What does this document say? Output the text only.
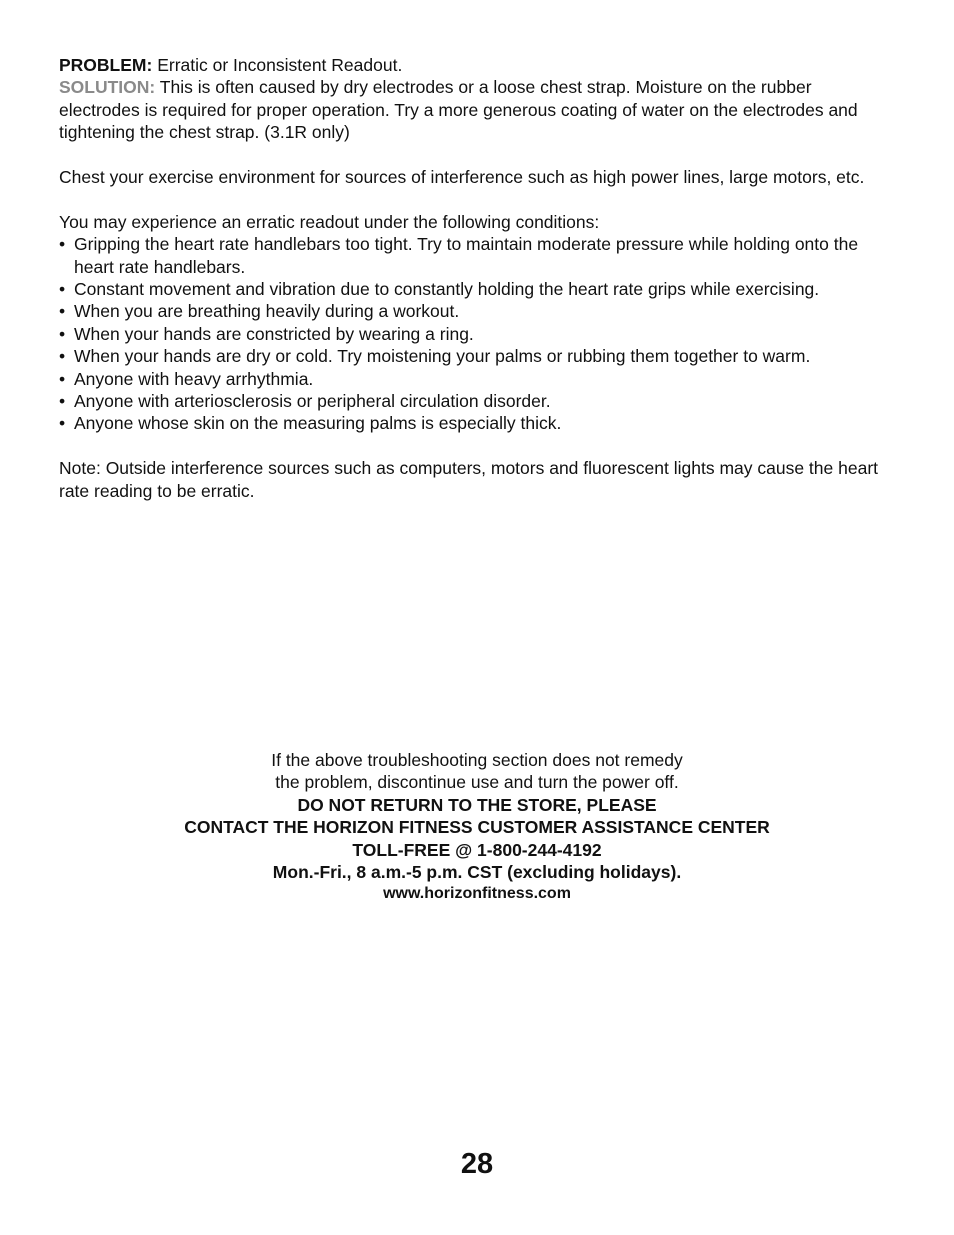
PROBLEM: Erratic or Inconsistent Readout.

SOLUTION: This is often caused by dry electrodes or a loose chest strap. Moisture on the rubber electrodes is required for proper operation. Try a more generous coating of water on the electrodes and tightening the chest strap. (3.1R only)

Chest your exercise environment for sources of interference such as high power lines, large motors, etc.

You may experience an erratic readout under the following conditions:

• Gripping the heart rate handlebars too tight. Try to maintain moderate pressure while holding onto the heart rate handlebars.
• Constant movement and vibration due to constantly holding the heart rate grips while exercising.
• When you are breathing heavily during a workout.
• When your hands are constricted by wearing a ring.
• When your hands are dry or cold. Try moistening your palms or rubbing them together to warm.
• Anyone with heavy arrhythmia.
• Anyone with arteriosclerosis or peripheral circulation disorder.
• Anyone whose skin on the measuring palms is especially thick.

Note: Outside interference sources such as computers, motors and fluorescent lights may cause the heart rate reading to be erratic.

If the above troubleshooting section does not remedy
the problem, discontinue use and turn the power off.
DO NOT RETURN TO THE STORE, PLEASE
CONTACT THE HORIZON FITNESS CUSTOMER ASSISTANCE CENTER
TOLL-FREE @ 1-800-244-4192
Mon.-Fri., 8 a.m.-5 p.m. CST (excluding holidays).
www.horizonfitness.com
28
